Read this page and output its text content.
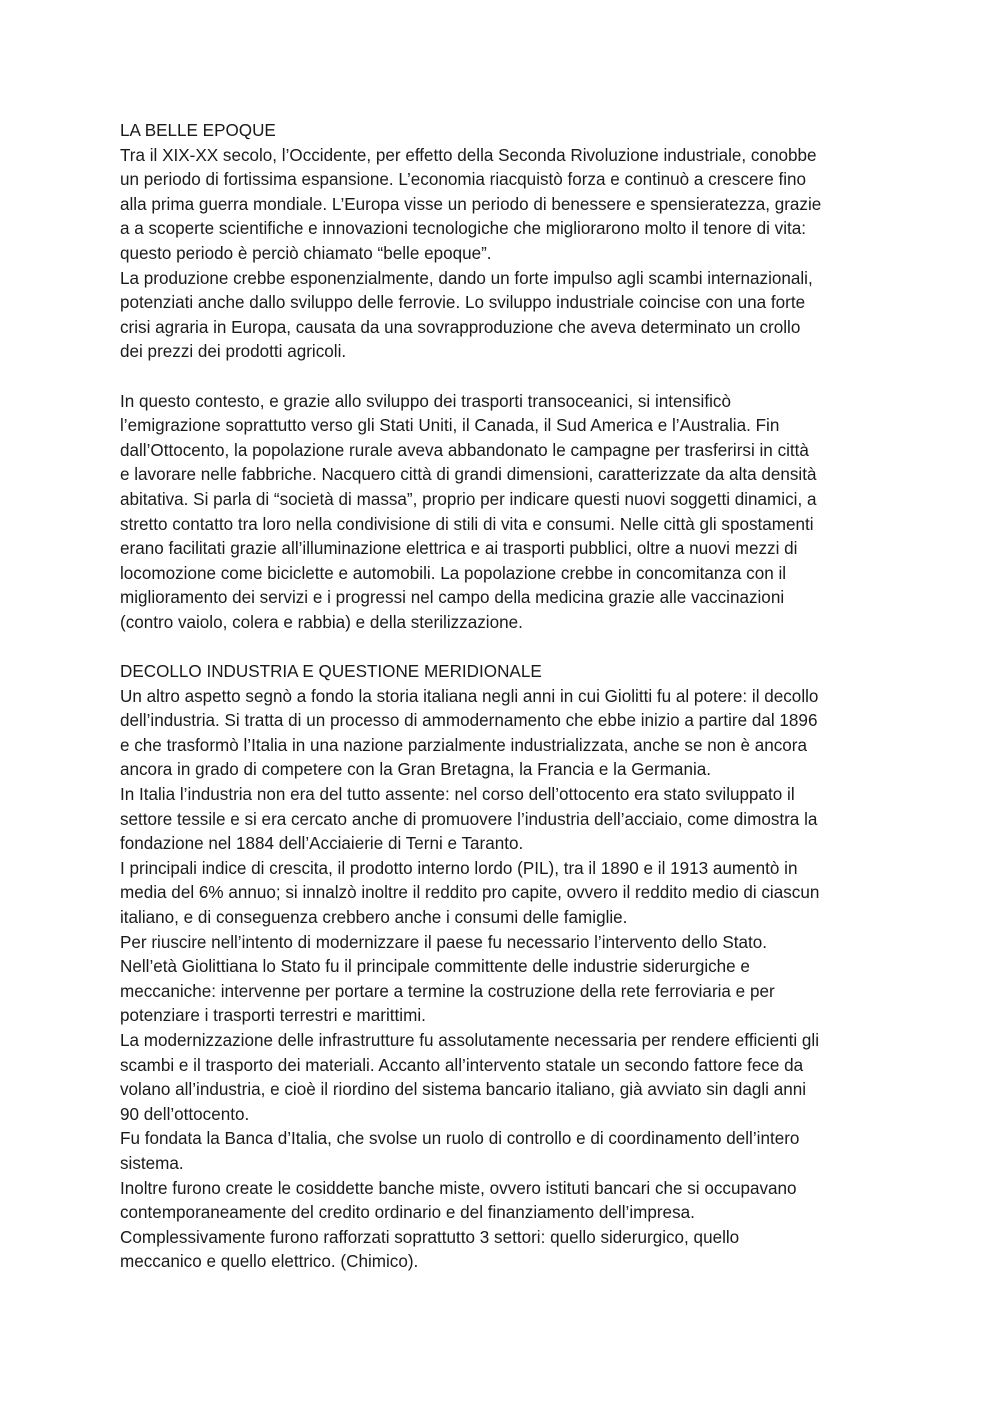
LA BELLE EPOQUE
Tra il XIX-XX secolo, l’Occidente, per effetto della Seconda Rivoluzione industriale, conobbe
un periodo di fortissima espansione. L’economia riacquistò forza e continuò a crescere fino
alla prima guerra mondiale. L’Europa visse un periodo di benessere e spensieratezza, grazie
a a scoperte scientifiche e innovazioni tecnologiche che migliorarono molto il tenore di vita:
questo periodo è perciò chiamato “belle epoque”.
La produzione crebbe esponenzialmente, dando un forte impulso agli scambi internazionali,
potenziati anche dallo sviluppo delle ferrovie. Lo sviluppo industriale coincise con una forte
crisi agraria in Europa, causata da una sovrapproduzione che aveva determinato un crollo
dei prezzi dei prodotti agricoli.
In questo contesto, e grazie allo sviluppo dei trasporti transoceanici, si intensificò
l’emigrazione soprattutto verso gli Stati Uniti, il Canada, il Sud America e l’Australia. Fin
dall’Ottocento, la popolazione rurale aveva abbandonato le campagne per trasferirsi in città
e lavorare nelle fabbriche. Nacquero città di grandi dimensioni, caratterizzate da alta densità
abitativa. Si parla di “società di massa”, proprio per indicare questi nuovi soggetti dinamici, a
stretto contatto tra loro nella condivisione di stili di vita e consumi. Nelle città gli spostamenti
erano facilitati grazie all’illuminazione elettrica e ai trasporti pubblici, oltre a nuovi mezzi di
locomozione come biciclette e automobili. La popolazione crebbe in concomitanza con il
miglioramento dei servizi e i progressi nel campo della medicina grazie alle vaccinazioni
(contro vaiolo, colera e rabbia) e della sterilizzazione.
DECOLLO INDUSTRIA E QUESTIONE MERIDIONALE
Un altro aspetto segnò a fondo la storia italiana negli anni in cui Giolitti fu al potere: il decollo
dell’industria. Si tratta di un processo di ammodernamento che ebbe inizio a partire dal 1896
e che trasformò l’Italia in una nazione parzialmente industrializzata, anche se non è ancora
ancora in grado di competere con la Gran Bretagna, la Francia e la Germania.
In Italia l’industria non era del tutto assente: nel corso dell’ottocento era stato sviluppato il
settore tessile e si era cercato anche di promuovere l’industria dell’acciaio, come dimostra la
fondazione nel 1884 dell’Acciaierie di Terni e Taranto.
I principali indice di crescita, il prodotto interno lordo (PIL), tra il 1890 e il 1913 aumentò in
media del 6% annuo; si innalzò inoltre il reddito pro capite, ovvero il reddito medio di ciascun
italiano, e di conseguenza crebbero anche i consumi delle famiglie.
Per riuscire nell’intento di modernizzare il paese fu necessario l’intervento dello Stato.
Nell’età Giolittiana lo Stato fu il principale committente delle industrie siderurgiche e
meccaniche: intervenne per portare a termine la costruzione della rete ferroviaria e per
potenziare i trasporti terrestri e marittimi.
La modernizzazione delle infrastrutture fu assolutamente necessaria per rendere efficienti gli
scambi e il trasporto dei materiali. Accanto all’intervento statale un secondo fattore fece da
volano all’industria, e cioè il riordino del sistema bancario italiano, già avviato sin dagli anni
90 dell’ottocento.
Fu fondata la Banca d’Italia, che svolse un ruolo di controllo e di coordinamento dell’intero
sistema.
Inoltre furono create le cosiddette banche miste, ovvero istituti bancari che si occupavano
contemporaneamente del credito ordinario e del finanziamento dell’impresa.
Complessivamente furono rafforzati soprattutto 3 settori: quello siderurgico, quello
meccanico e quello elettrico. (Chimico).
